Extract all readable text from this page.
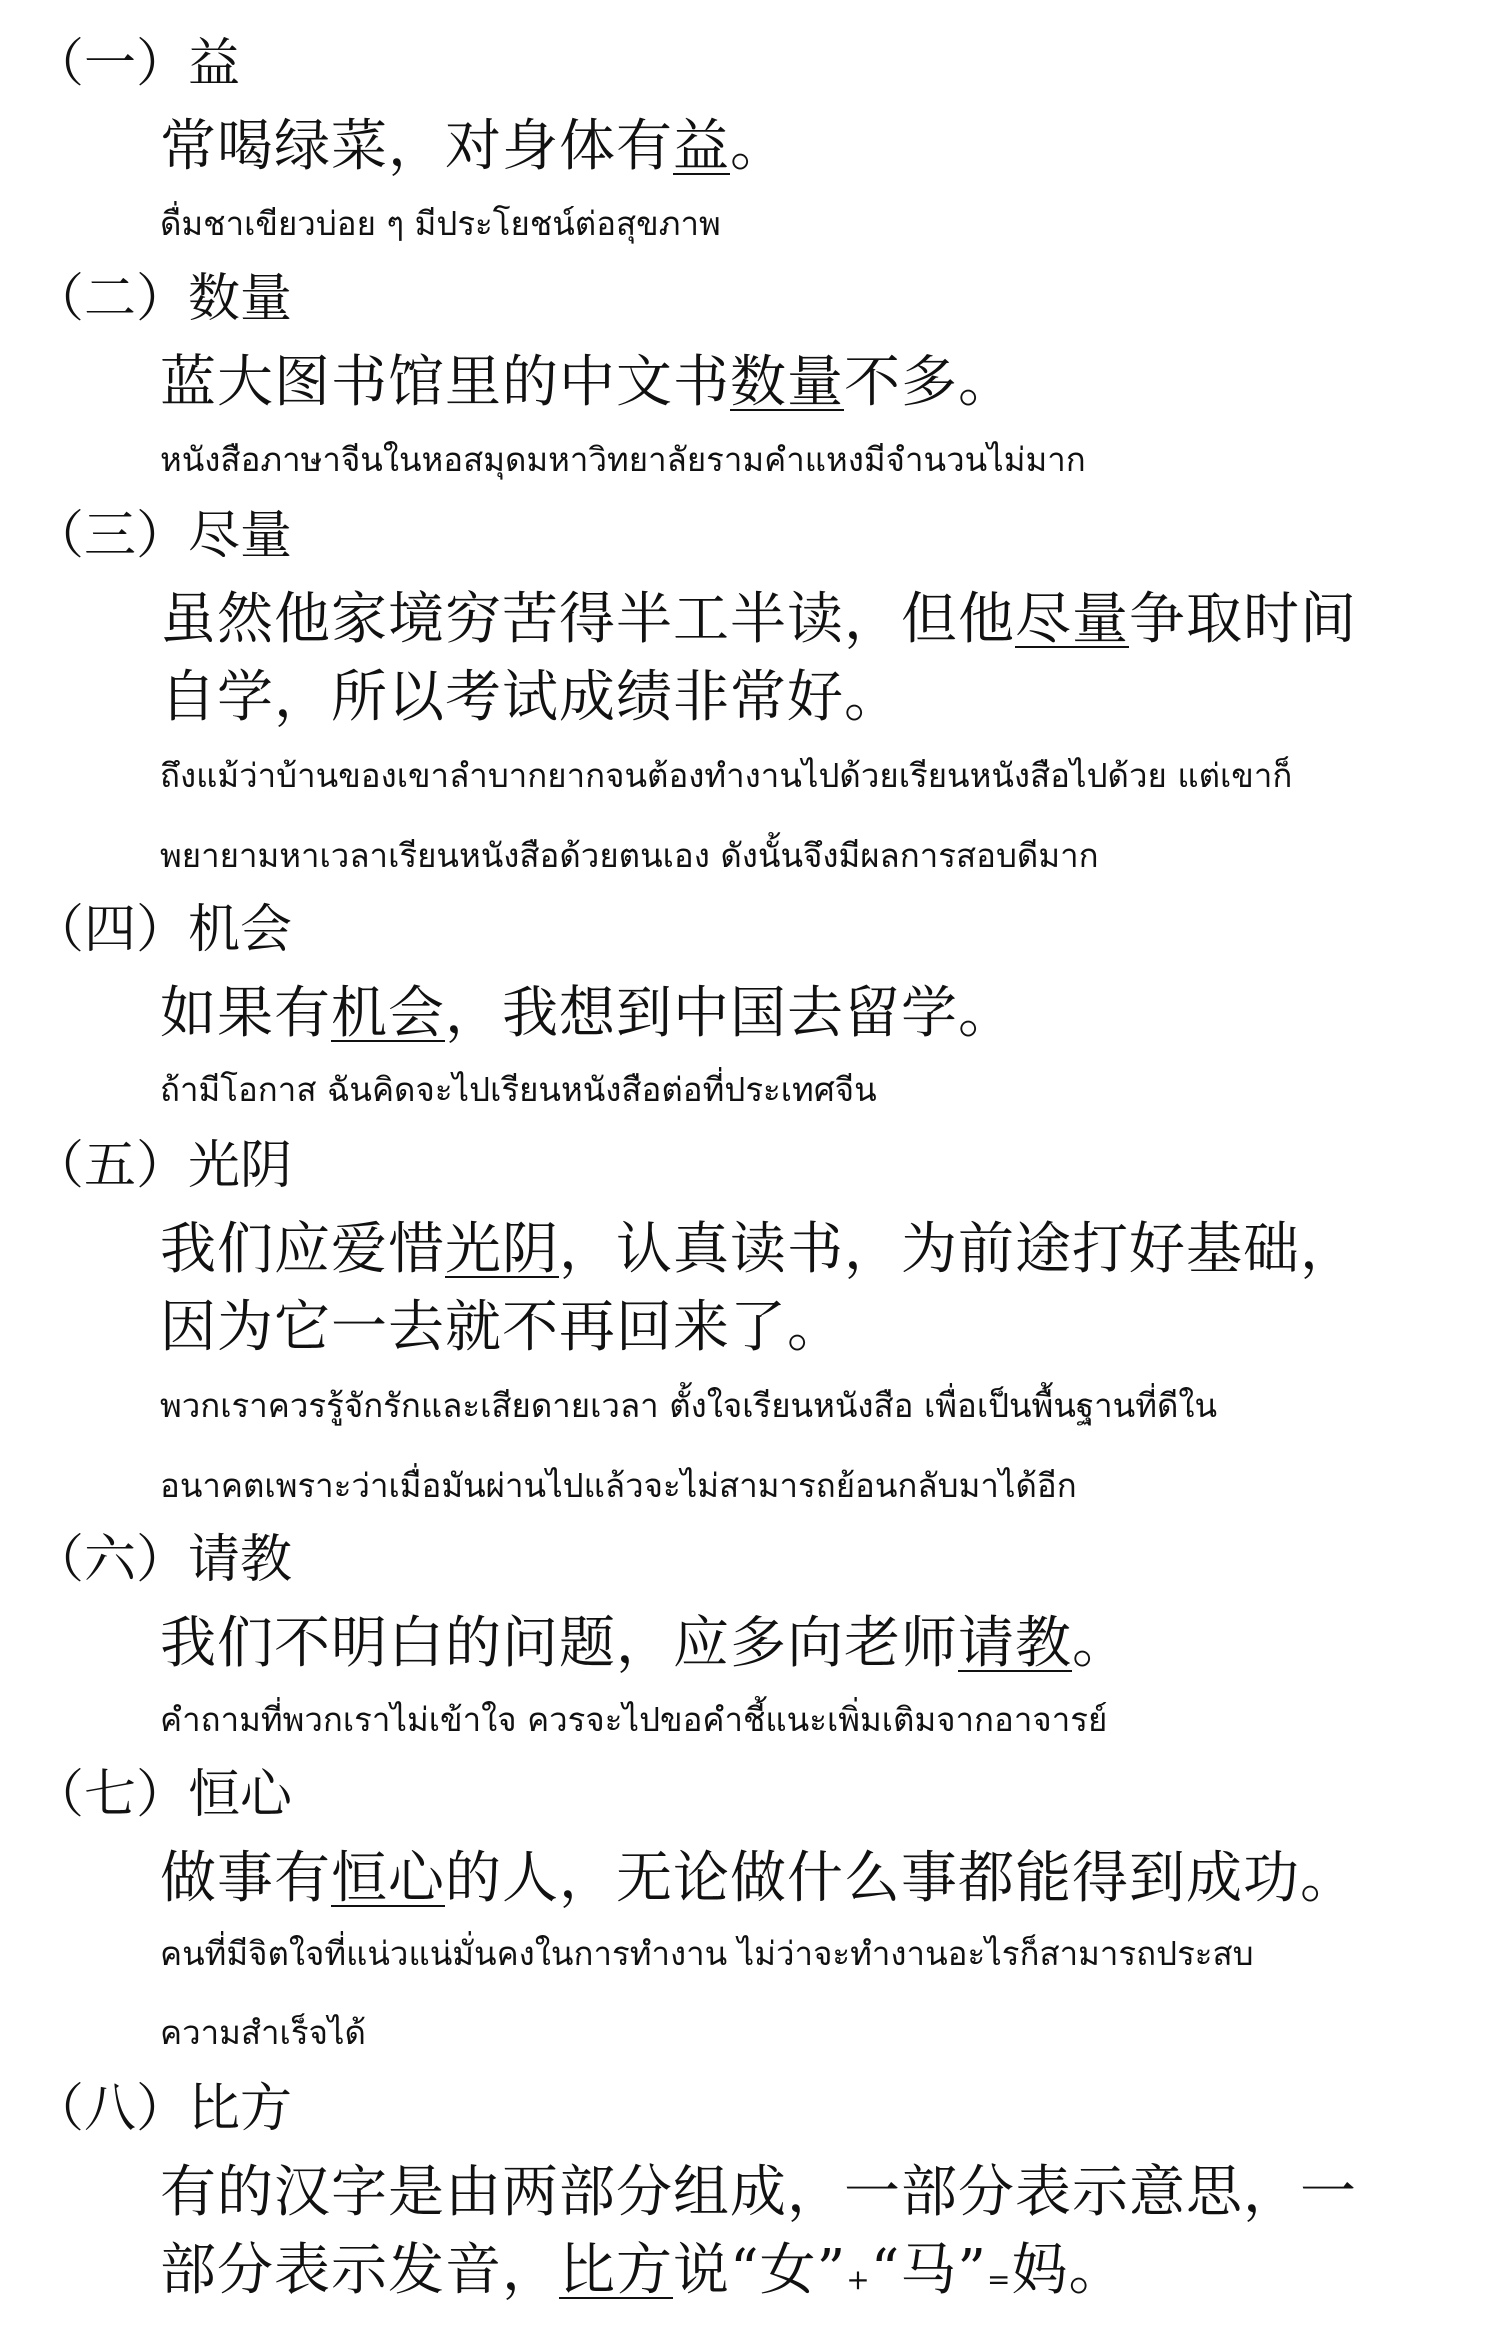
（一）益
常喝绿菜，对身体有益。
ดื่มชาเขียวบ่อย ๆ มีประโยชน์ต่อสุขภาพ
（二）数量
蓝大图书馆里的中文书数量不多。
หนังสือภาษาจีนในหอสมุดมหาวิทยาลัยรามคำแหงมีจำนวนไม่มาก
（三）尽量
虽然他家境穷苦得半工半读，但他尽量争取时间
自学，所以考试成绩非常好。
ถึงแม้ว่าบ้านของเขาลำบากยากจนต้องทำงานไปด้วยเรียนหนังสือไปด้วย แต่เขาก็
พยายามหาเวลาเรียนหนังสือด้วยตนเอง ดังนั้นจึงมีผลการสอบดีมาก
（四）机会
如果有机会，我想到中国去留学。
ถ้ามีโอกาส ฉันคิดจะไปเรียนหนังสือต่อที่ประเทศจีน
（五）光阴
我们应爱惜光阴，认真读书，为前途打好基础，
因为它一去就不再回来了。
พวกเราควรรู้จักรักและเสียดายเวลา ตั้งใจเรียนหนังสือ เพื่อเป็นพื้นฐานที่ดีใน
อนาคตเพราะว่าเมื่อมันผ่านไปแล้วจะไม่สามารถย้อนกลับมาได้อีก
（六）请教
我们不明白的问题，应多向老师请教。
คำถามที่พวกเราไม่เข้าใจ ควรจะไปขอคำชี้แนะเพิ่มเติมจากอาจารย์
（七）恒心
做事有恒心的人，无论做什么事都能得到成功。
คนที่มีจิตใจที่แน่วแน่มั่นคงในการทำงาน ไม่ว่าจะทำงานอะไรก็สามารถประสบ
ความสำเร็จได้
（八）比方
有的汉字是由两部分组成，一部分表示意思，一
部分表示发音，比方说“女”+“马”=妈。
